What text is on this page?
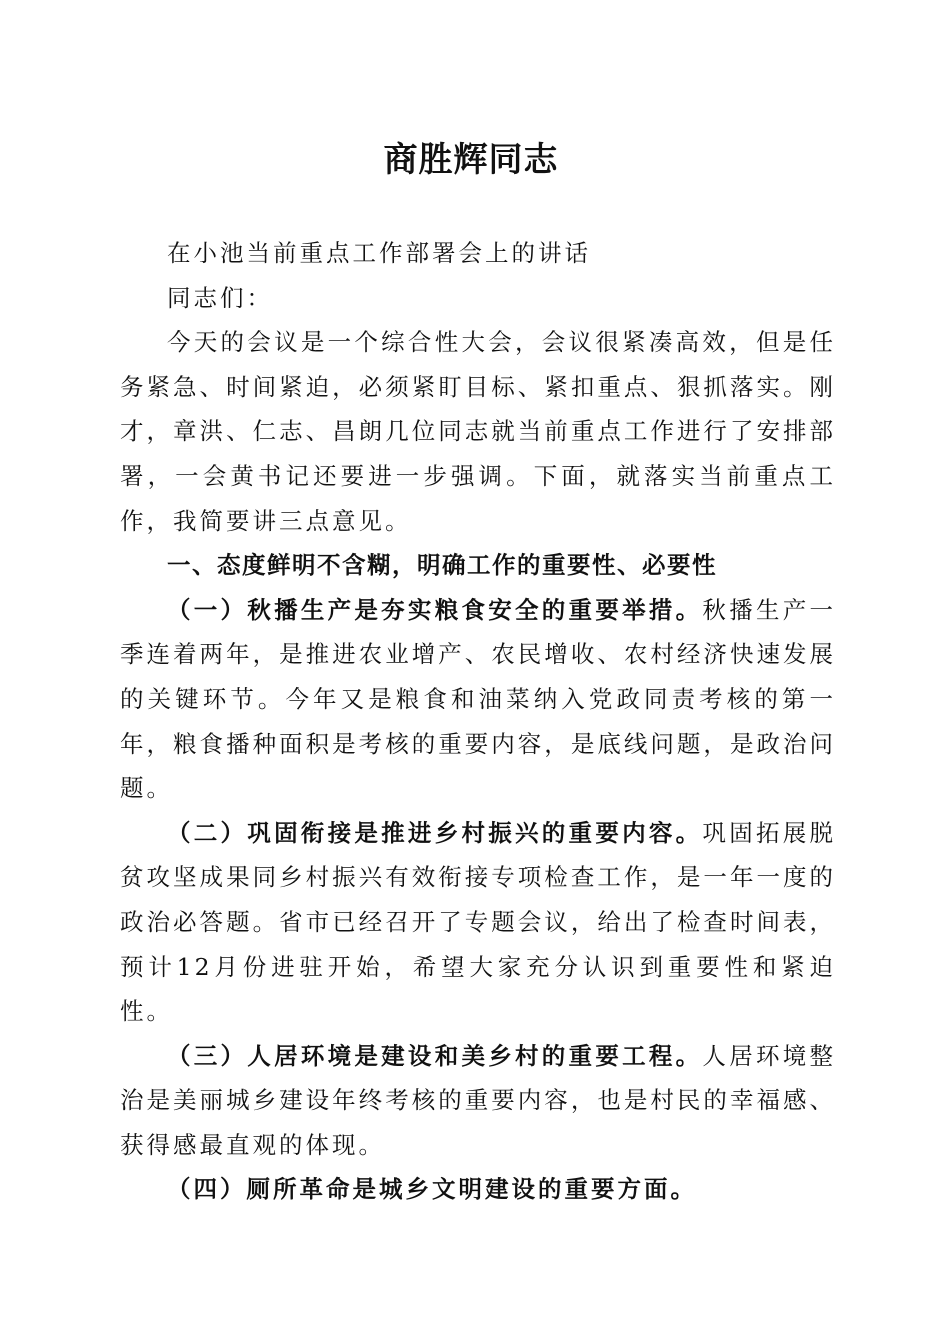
商胜辉同志

在小池当前重点工作部署会上的讲话

同志们：

今天的会议是一个综合性大会，会议很紧凑高效，但是任务紧急、时间紧迫，必须紧盯目标、紧扣重点、狠抓落实。刚才，章洪、仁志、昌朗几位同志就当前重点工作进行了安排部署，一会黄书记还要进一步强调。下面，就落实当前重点工作，我简要讲三点意见。

一、态度鲜明不含糊，明确工作的重要性、必要性

（一）秋播生产是夯实粮食安全的重要举措。秋播生产一季连着两年，是推进农业增产、农民增收、农村经济快速发展的关键环节。今年又是粮食和油菜纳入党政同责考核的第一年，粮食播种面积是考核的重要内容，是底线问题，是政治问题。

（二）巩固衔接是推进乡村振兴的重要内容。巩固拓展脱贫攻坚成果同乡村振兴有效衔接专项检查工作，是一年一度的政治必答题。省市已经召开了专题会议，给出了检查时间表，预计12月份进驻开始，希望大家充分认识到重要性和紧迫性。

（三）人居环境是建设和美乡村的重要工程。人居环境整治是美丽城乡建设年终考核的重要内容，也是村民的幸福感、获得感最直观的体现。

（四）厕所革命是城乡文明建设的重要方面。
